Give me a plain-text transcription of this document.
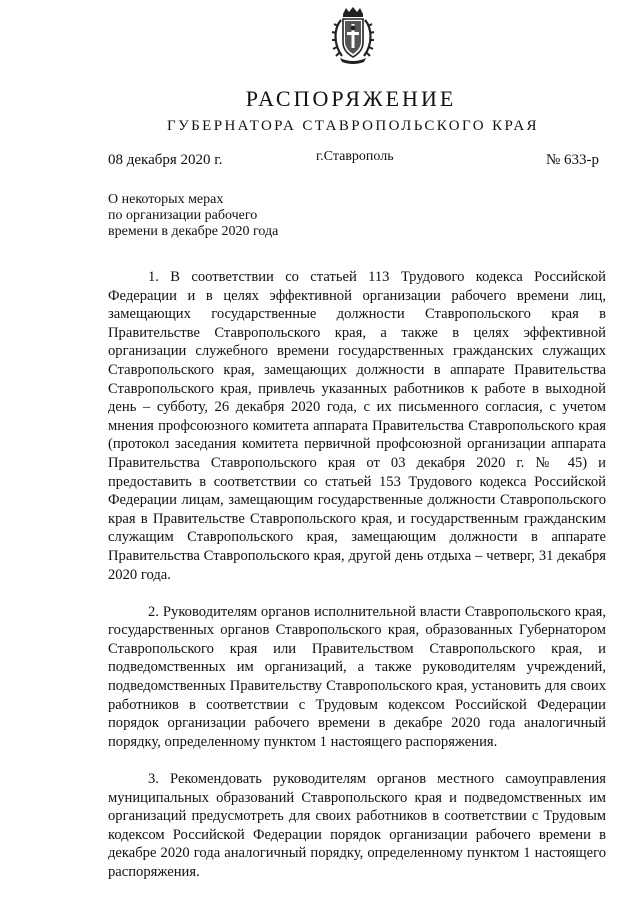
РАСПОРЯЖЕНИЕ
ГУБЕРНАТОРА СТАВРОПОЛЬСКОГО КРАЯ
08 декабря 2020 г.	г.Ставрополь	№ 633-р
О некоторых мерах
по организации рабочего
времени в декабре 2020 года

1. В соответствии со статьей 113 Трудового кодекса Российской Федерации и в целях эффективной организации рабочего времени лиц, замещающих государственные должности Ставропольского края в Правительстве Ставропольского края, а также в целях эффективной организации служебного времени государственных гражданских служащих Ставропольского края, замещающих должности в аппарате Правительства Ставропольского края, привлечь указанных работников к работе в выходной день – субботу, 26 декабря 2020 года, с их письменного согласия, с учетом мнения профсоюзного комитета аппарата Правительства Ставропольского края (протокол заседания комитета первичной профсоюзной организации аппарата Правительства Ставропольского края от 03 декабря 2020 г. № 45) и предоставить в соответствии со статьей 153 Трудового кодекса Российской Федерации лицам, замещающим государственные должности Ставропольского края в Правительстве Ставропольского края, и государственным гражданским служащим Ставропольского края, замещающим должности в аппарате Правительства Ставропольского края, другой день отдыха – четверг, 31 декабря 2020 года.

2. Руководителям органов исполнительной власти Ставропольского края, государственных органов Ставропольского края, образованных Губернатором Ставропольского края или Правительством Ставропольского края, и подведомственных им организаций, а также руководителям учреждений, подведомственных Правительству Ставропольского края, установить для своих работников в соответствии с Трудовым кодексом Российской Федерации порядок организации рабочего времени в декабре 2020 года аналогичный порядку, определенному пунктом 1 настоящего распоряжения.

3. Рекомендовать руководителям органов местного самоуправления муниципальных образований Ставропольского края и подведомственных им организаций предусмотреть для своих работников в соответствии с Трудовым кодексом Российской Федерации порядок организации рабочего времени в декабре 2020 года аналогичный порядку, определенному пунктом 1 настоящего распоряжения.
